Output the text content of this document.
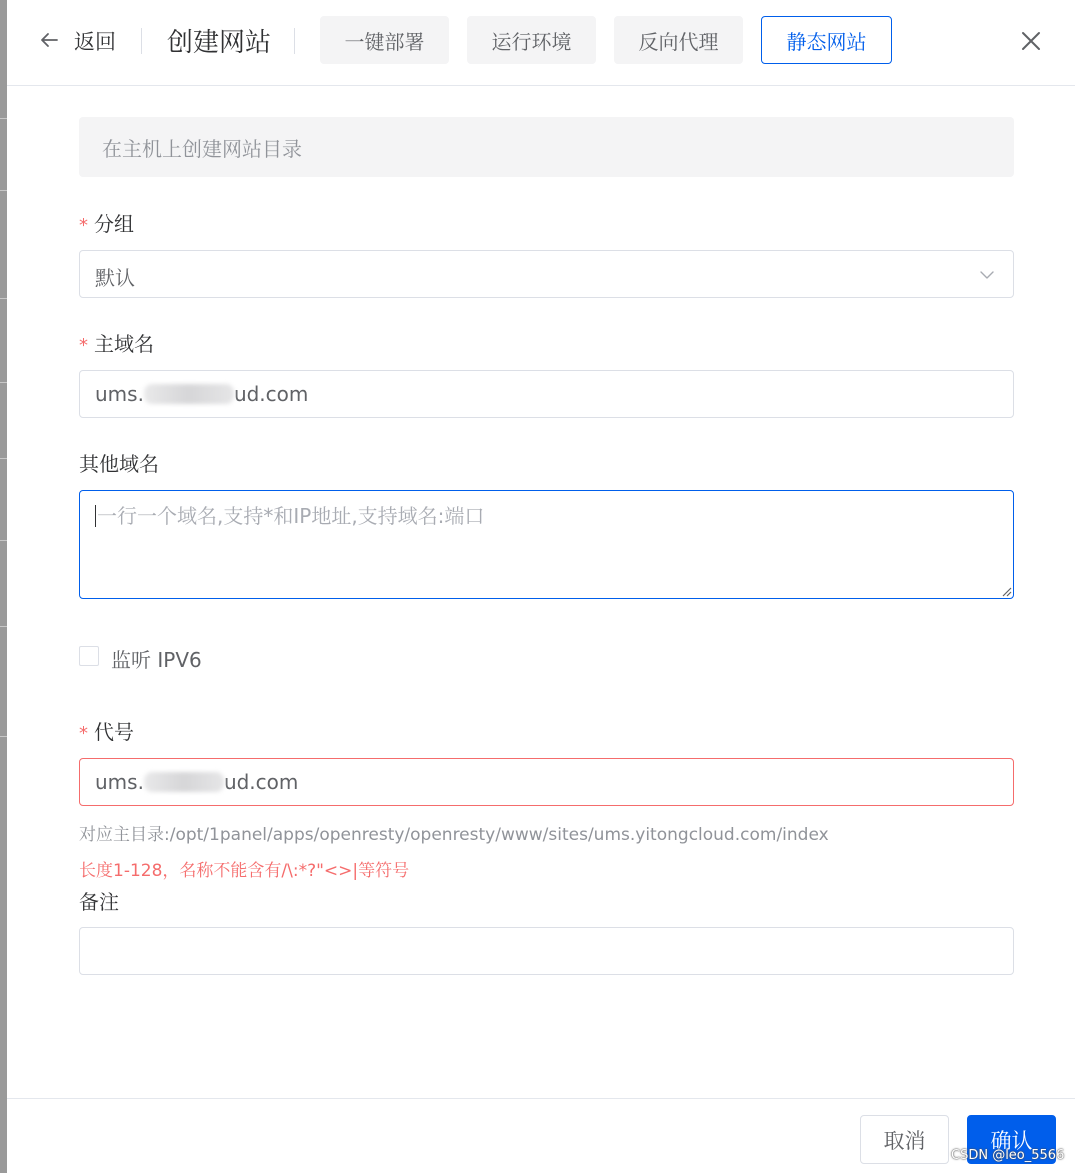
返回 创建网站	一键部署	运行环境	反向代理	静态网站
在主机上创建网站目录
* 分组
默认
* 主域名
ums.	ud.com
其他域名
一行一个域名,支持*和IP地址,支持域名:端口
监听 IPV6
* 代号
ums.	ud.com
对应主目录:/opt/1panel/apps/openresty/openresty/www/sites/ums.yitongcloud.com/index
长度1-128，名称不能含有/\:*?"<>|等符号
备注
取消	确认
CSDN @leo_5566
